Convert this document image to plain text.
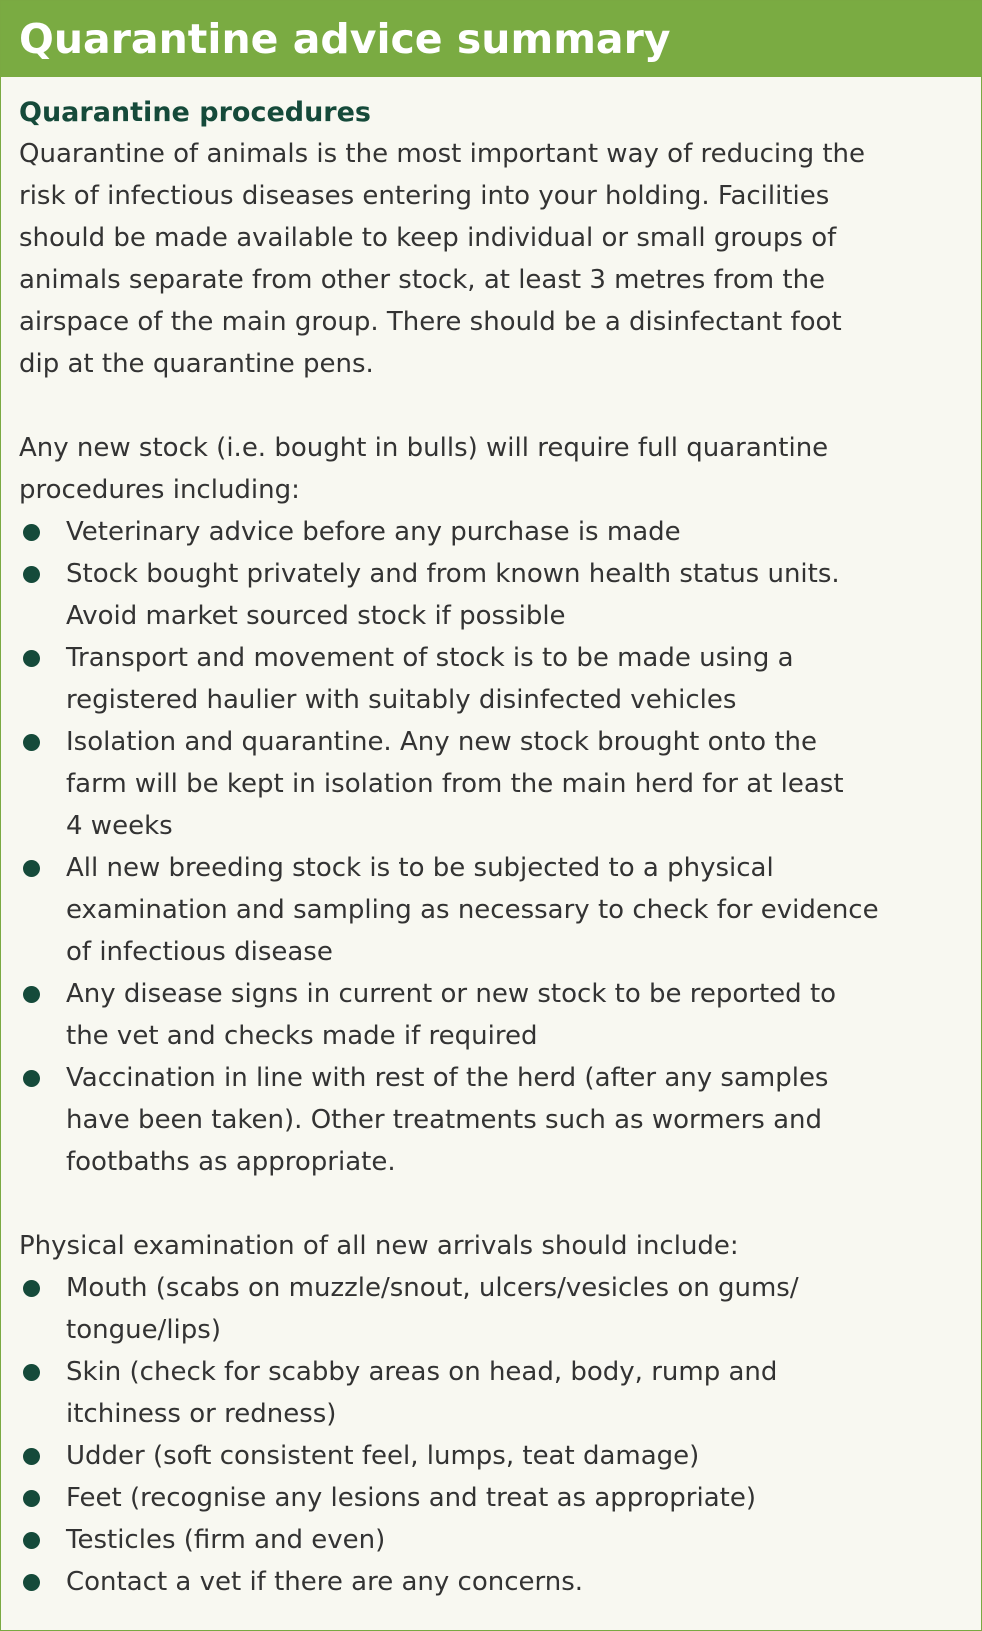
Quarantine advice summary
Quarantine procedures

Quarantine of animals is the most important way of reducing the
risk of infectious diseases entering into your holding. Facilities
should be made available to keep individual or small groups of
animals separate from other stock, at least 3 metres from the
airspace of the main group. There should be a disinfectant foot
dip at the quarantine pens.

Any new stock (i.e. bought in bulls) will require full quarantine
procedures including:

Veterinary advice before any purchase is made
Stock bought privately and from known health status units.
Avoid market sourced stock if possible
Transport and movement of stock is to be made using a
registered haulier with suitably disinfected vehicles
Isolation and quarantine. Any new stock brought onto the
farm will be kept in isolation from the main herd for at least
4 weeks
All new breeding stock is to be subjected to a physical
examination and sampling as necessary to check for evidence
of infectious disease
Any disease signs in current or new stock to be reported to
the vet and checks made if required
Vaccination in line with rest of the herd (after any samples
have been taken). Other treatments such as wormers and
footbaths as appropriate.

Physical examination of all new arrivals should include:

Mouth (scabs on muzzle/snout, ulcers/vesicles on gums/
tongue/lips)
Skin (check for scabby areas on head, body, rump and
itchiness or redness)
Udder (soft consistent feel, lumps, teat damage)
Feet (recognise any lesions and treat as appropriate)
Testicles (firm and even)
Contact a vet if there are any concerns.
